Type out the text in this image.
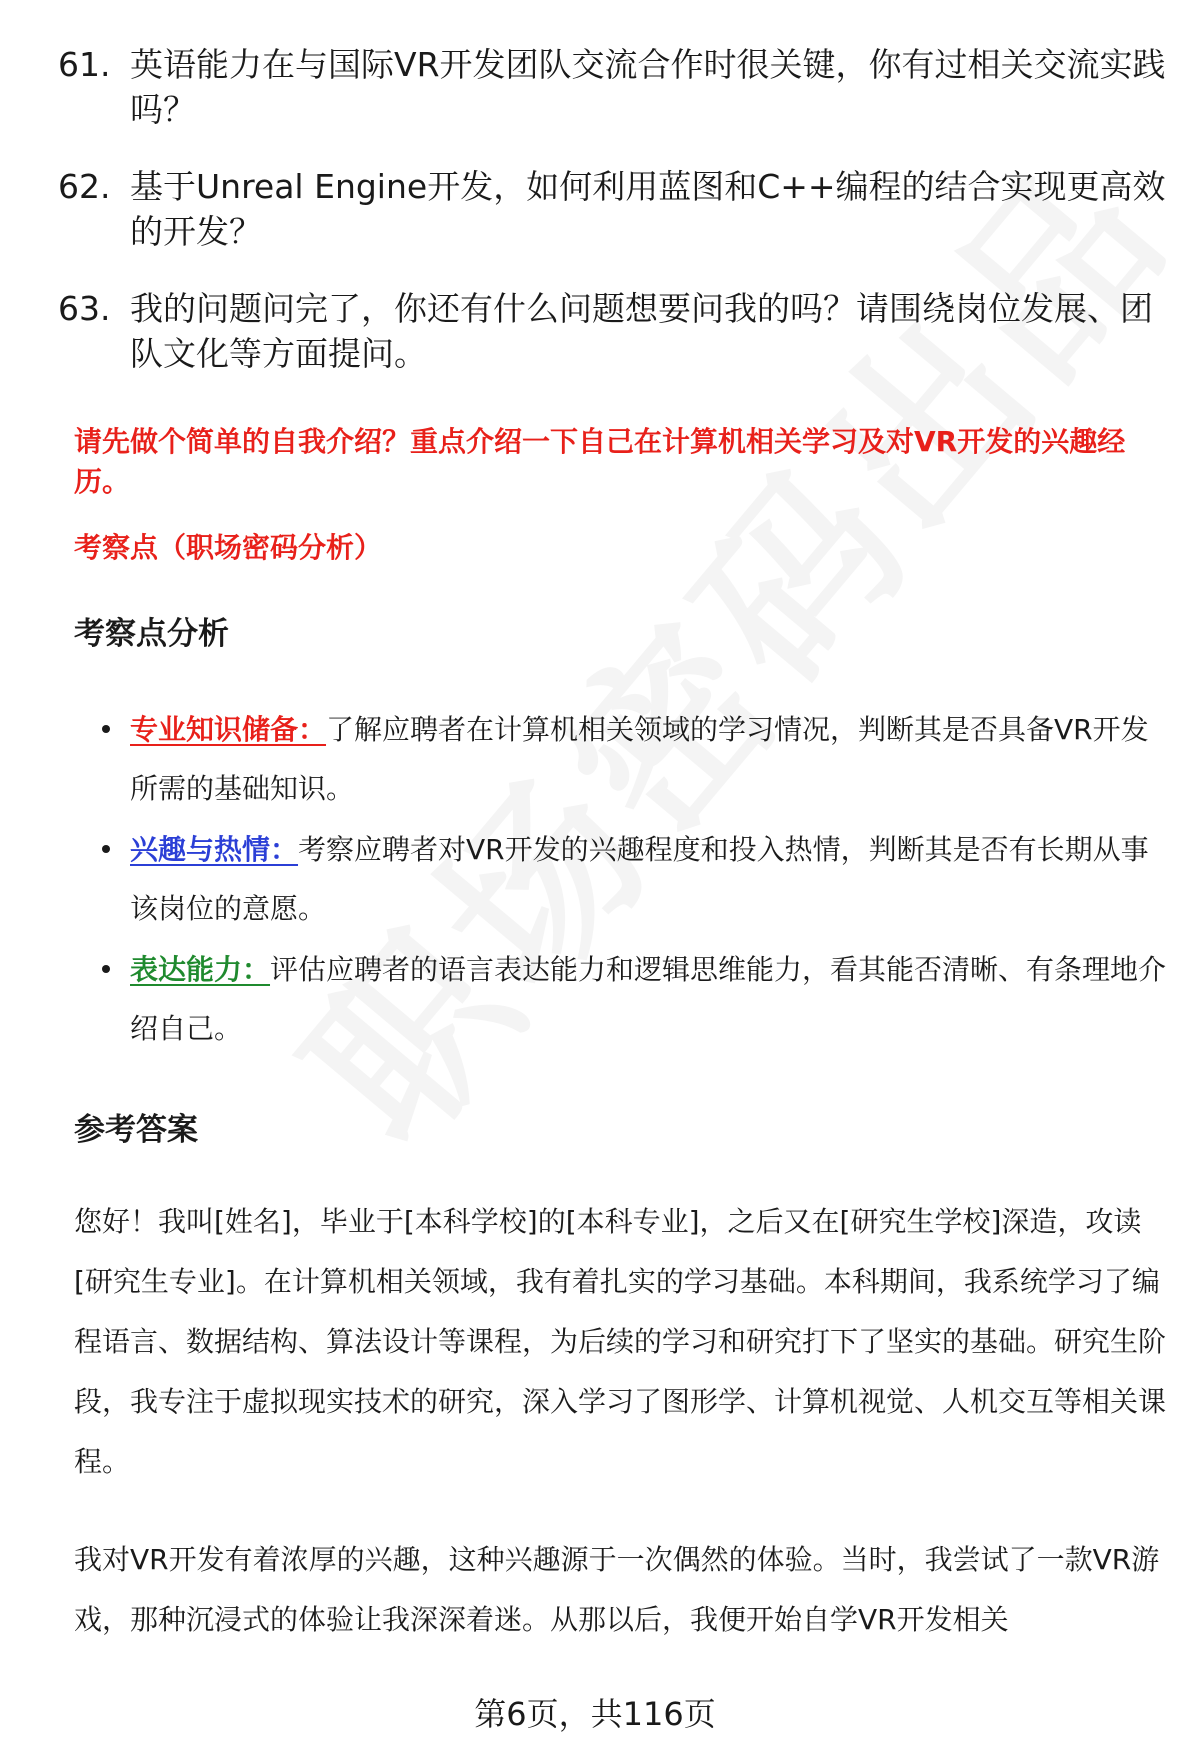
61. 英语能力在与国际VR开发团队交流合作时很关键，你有过相关交流实践吗？
62. 基于Unreal Engine开发，如何利用蓝图和C++编程的结合实现更高效的开发？
63. 我的问题问完了，你还有什么问题想要问我的吗？请围绕岗位发展、团队文化等方面提问。
请先做个简单的自我介绍？重点介绍一下自己在计算机相关学习及对VR开发的兴趣经历。
考察点（职场密码分析）
考察点分析
专业知识储备：了解应聘者在计算机相关领域的学习情况，判断其是否具备VR开发所需的基础知识。
兴趣与热情：考察应聘者对VR开发的兴趣程度和投入热情，判断其是否有长期从事该岗位的意愿。
表达能力：评估应聘者的语言表达能力和逻辑思维能力，看其能否清晰、有条理地介绍自己。
参考答案
您好！我叫[姓名]，毕业于[本科学校]的[本科专业]，之后又在[研究生学校]深造，攻读[研究生专业]。在计算机相关领域，我有着扎实的学习基础。本科期间，我系统学习了编程语言、数据结构、算法设计等课程，为后续的学习和研究打下了坚实的基础。研究生阶段，我专注于虚拟现实技术的研究，深入学习了图形学、计算机视觉、人机交互等相关课程。
我对VR开发有着浓厚的兴趣，这种兴趣源于一次偶然的体验。当时，我尝试了一款VR游戏，那种沉浸式的体验让我深深着迷。从那以后，我便开始自学VR开发相关
第6页，共116页
